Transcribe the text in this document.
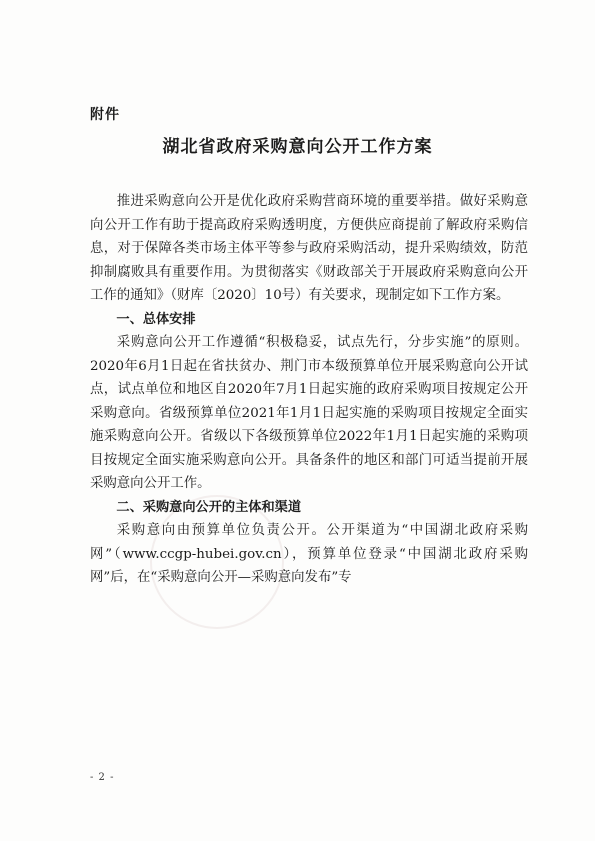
附件
湖北省政府采购意向公开工作方案

推进采购意向公开是优化政府采购营商环境的重要举措。做好采购意向公开工作有助于提高政府采购透明度，方便供应商提前了解政府采购信息，对于保障各类市场主体平等参与政府采购活动，提升采购绩效，防范抑制腐败具有重要作用。为贯彻落实《财政部关于开展政府采购意向公开工作的通知》（财库〔2020〕10号）有关要求，现制定如下工作方案。

一、总体安排

采购意向公开工作遵循“积极稳妥，试点先行，分步实施”的原则。2020年6月1日起在省扶贫办、荆门市本级预算单位开展采购意向公开试点，试点单位和地区自2020年7月1日起实施的政府采购项目按规定公开采购意向。省级预算单位2021年1月1日起实施的采购项目按规定全面实施采购意向公开。省级以下各级预算单位2022年1月1日起实施的采购项目按规定全面实施采购意向公开。具备条件的地区和部门可适当提前开展采购意向公开工作。

二、采购意向公开的主体和渠道

采购意向由预算单位负责公开。公开渠道为“中国湖北政府采购网”（www.ccgp-hubei.gov.cn），预算单位登录“中国湖北政府采购网”后，在“采购意向公开—采购意向发布”专

- 2 -
